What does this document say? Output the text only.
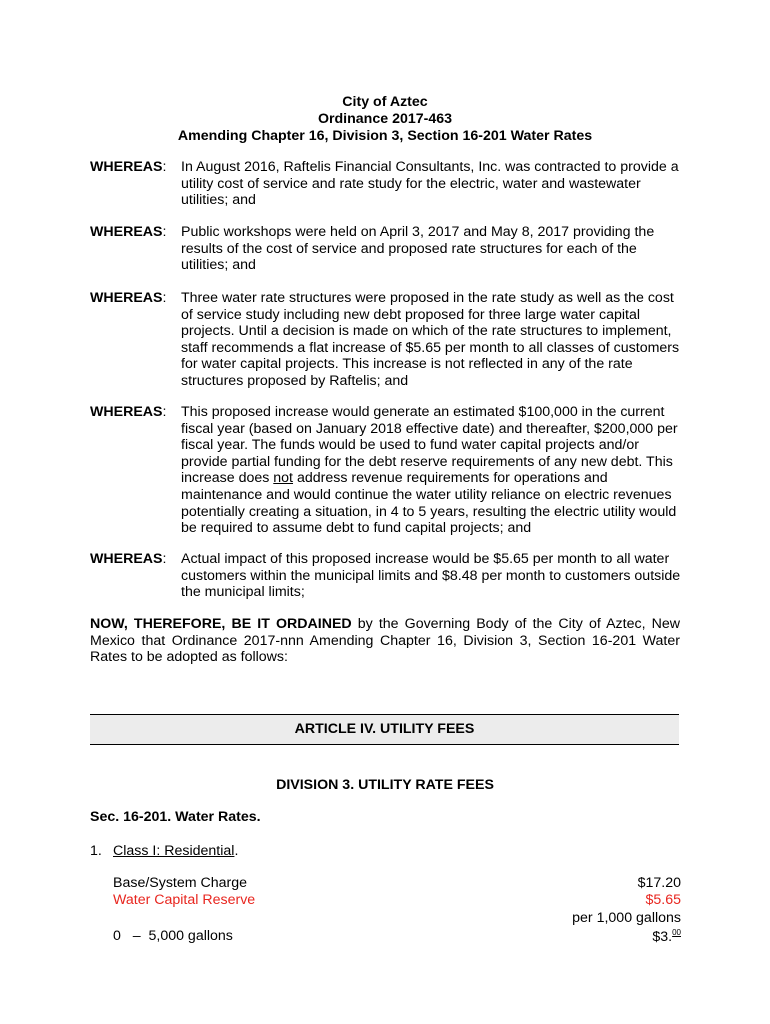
City of Aztec
Ordinance 2017-463
Amending Chapter 16, Division 3, Section 16-201 Water Rates
WHEREAS: In August 2016, Raftelis Financial Consultants, Inc. was contracted to provide a utility cost of service and rate study for the electric, water and wastewater utilities; and
WHEREAS: Public workshops were held on April 3, 2017 and May 8, 2017 providing the results of the cost of service and proposed rate structures for each of the utilities; and
WHEREAS: Three water rate structures were proposed in the rate study as well as the cost of service study including new debt proposed for three large water capital projects. Until a decision is made on which of the rate structures to implement, staff recommends a flat increase of $5.65 per month to all classes of customers for water capital projects. This increase is not reflected in any of the rate structures proposed by Raftelis; and
WHEREAS: This proposed increase would generate an estimated $100,000 in the current fiscal year (based on January 2018 effective date) and thereafter, $200,000 per fiscal year. The funds would be used to fund water capital projects and/or provide partial funding for the debt reserve requirements of any new debt. This increase does not address revenue requirements for operations and maintenance and would continue the water utility reliance on electric revenues potentially creating a situation, in 4 to 5 years, resulting the electric utility would be required to assume debt to fund capital projects; and
WHEREAS: Actual impact of this proposed increase would be $5.65 per month to all water customers within the municipal limits and $8.48 per month to customers outside the municipal limits;
NOW, THEREFORE, BE IT ORDAINED by the Governing Body of the City of Aztec, New Mexico that Ordinance 2017-nnn Amending Chapter 16, Division 3, Section 16-201 Water Rates to be adopted as follows:
ARTICLE IV. UTILITY FEES
DIVISION 3. UTILITY RATE FEES
Sec. 16-201. Water Rates.
1. Class I: Residential.
Base/System Charge	$17.20
Water Capital Reserve	$5.65
per 1,000 gallons
0   –  5,000 gallons	$3.00
